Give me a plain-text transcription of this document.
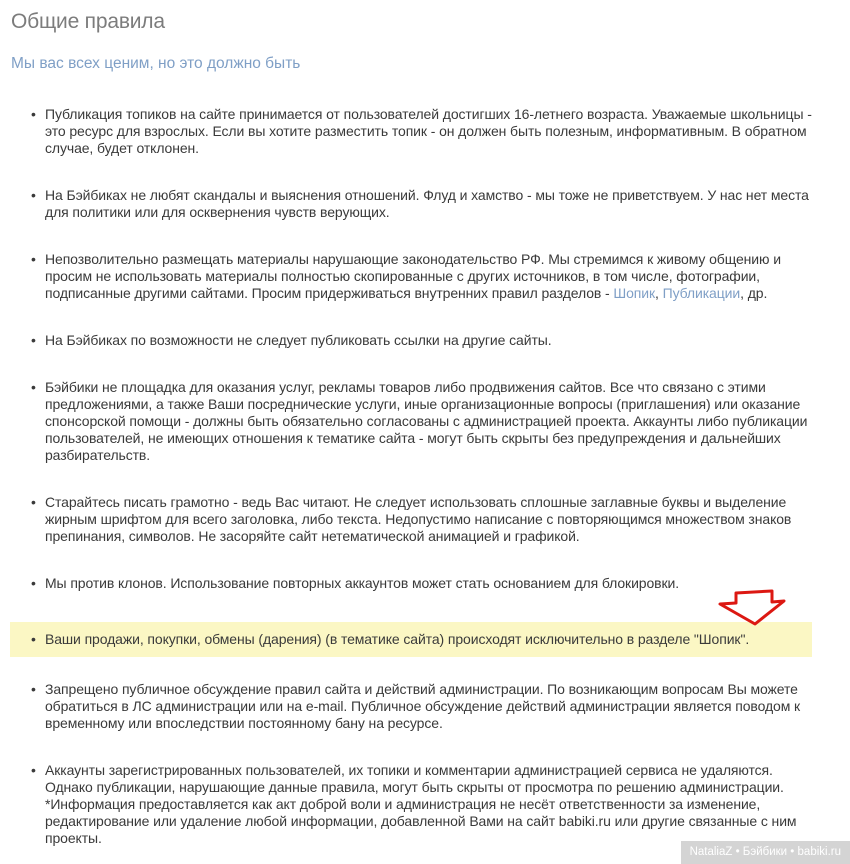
Общие правила
Мы вас всех ценим, но это должно быть
• Публикация топиков на сайте принимается от пользователей достигших 16-летнего возраста. Уважаемые школьницы - это ресурс для взрослых. Если вы хотите разместить топик - он должен быть полезным, информативным. В обратном случае, будет отклонен.
• На Бэйбиках не любят скандалы и выяснения отношений. Флуд и хамство - мы тоже не приветствуем. У нас нет места для политики или для осквернения чувств верующих.
• Непозволительно размещать материалы нарушающие законодательство РФ. Мы стремимся к живому общению и просим не использовать материалы полностью скопированные с других источников, в том числе, фотографии, подписанные другими сайтами. Просим придерживаться внутренних правил разделов - Шопик, Публикации, др.
• На Бэйбиках по возможности не следует публиковать ссылки на другие сайты.
• Бэйбики не площадка для оказания услуг, рекламы товаров либо продвижения сайтов. Все что связано с этими предложениями, а также Ваши посреднические услуги, иные организационные вопросы (приглашения) или оказание спонсорской помощи - должны быть обязательно согласованы с администрацией проекта. Аккаунты либо публикации пользователей, не имеющих отношения к тематике сайта - могут быть скрыты без предупреждения и дальнейших разбирательств.
• Старайтесь писать грамотно - ведь Вас читают. Не следует использовать сплошные заглавные буквы и выделение жирным шрифтом для всего заголовка, либо текста. Недопустимо написание с повторяющимся множеством знаков препинания, символов. Не засоряйте сайт нетематической анимацией и графикой.
• Мы против клонов. Использование повторных аккаунтов может стать основанием для блокировки.
• Ваши продажи, покупки, обмены (дарения) (в тематике сайта) происходят исключительно в разделе "Шопик".
• Запрещено публичное обсуждение правил сайта и действий администрации. По возникающим вопросам Вы можете обратиться в ЛС администрации или на e-mail. Публичное обсуждение действий администрации является поводом к временному или впоследствии постоянному бану на ресурсе.
• Аккаунты зарегистрированных пользователей, их топики и комментарии администрацией сервиса не удаляются. Однако публикации, нарушающие данные правила, могут быть скрыты от просмотра по решению администрации. *Информация предоставляется как акт доброй воли и администрация не несёт ответственности за изменение, редактирование или удаление любой информации, добавленной Вами на сайт babiki.ru или другие связанные с ним проекты.
NataliaZ • Бэйбики • babiki.ru
